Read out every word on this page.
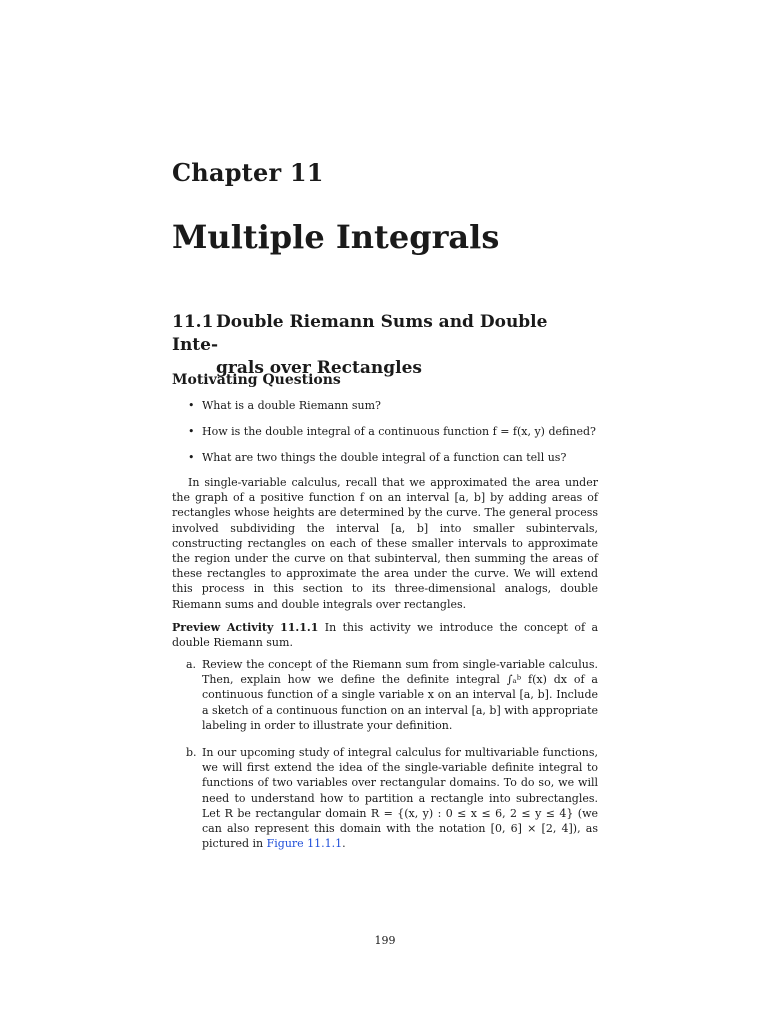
Chapter 11
Multiple Integrals
11.1 Double Riemann Sums and Double Inte-
grals over Rectangles
Motivating Questions
• What is a double Riemann sum?
• How is the double integral of a continuous function f = f(x, y) defined?
• What are two things the double integral of a function can tell us?

In single-variable calculus, recall that we approximated the area under the graph of a positive function f on an interval [a, b] by adding areas of rectangles whose heights are determined by the curve. The general process involved subdividing the interval [a, b] into smaller subintervals, constructing rectangles on each of these smaller intervals to approximate the region under the curve on that subinterval, then summing the areas of these rectangles to approximate the area under the curve. We will extend this process in this section to its three-dimensional analogs, double Riemann sums and double integrals over rectangles.

Preview Activity 11.1.1 In this activity we introduce the concept of a double Riemann sum.

a. Review the concept of the Riemann sum from single-variable calculus. Then, explain how we define the definite integral ∫ₐᵇ f(x) dx of a continuous function of a single variable x on an interval [a, b]. Include a sketch of a continuous function on an interval [a, b] with appropriate labeling in order to illustrate your definition.
b. In our upcoming study of integral calculus for multivariable functions, we will first extend the idea of the single-variable definite integral to functions of two variables over rectangular domains. To do so, we will need to understand how to partition a rectangle into subrectangles. Let R be rectangular domain R = {(x, y) : 0 ≤ x ≤ 6, 2 ≤ y ≤ 4} (we can also represent this domain with the notation [0, 6] × [2, 4]), as pictured in Figure 11.1.1.
199
